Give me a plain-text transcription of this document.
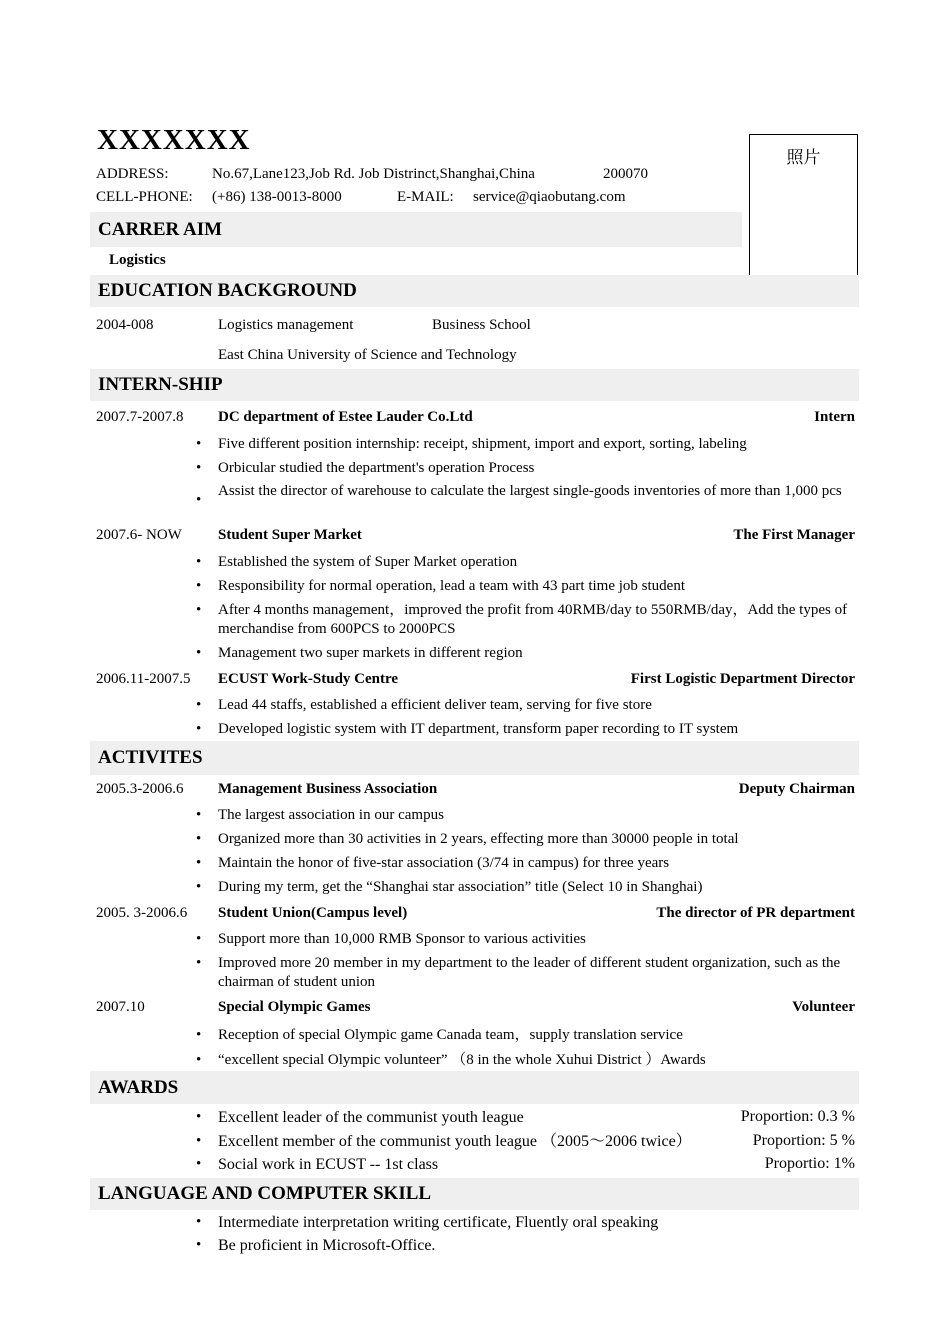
XXXXXXX
ADDRESS:	No.67,Lane123,Job Rd. Job Distrinct,Shanghai,China	200070
CELL-PHONE: (+86) 138-0013-8000	E-MAIL: service@qiaobutang.com
照片
CARRER AIM
Logistics
EDUCATION BACKGROUND
2004-008	Logistics management	Business School
East China University of Science and Technology
INTERN-SHIP
2007.7-2007.8 DC department of Estee Lauder Co.Ltd	Intern
• Five different position internship: receipt, shipment, import and export, sorting, labeling
• Orbicular studied the department's operation Process
• Assist the director of warehouse to calculate the largest single-goods inventories of more than 1,000 pcs
2007.6- NOW Student Super Market	The First Manager
• Established the system of Super Market operation
• Responsibility for normal operation, lead a team with 43 part time job student
• After 4 months management，improved the profit from 40RMB/day to 550RMB/day，Add the types of merchandise from 600PCS to 2000PCS
• Management two super markets in different region
2006.11-2007.5 ECUST Work-Study Centre	First Logistic Department Director
• Lead 44 staffs, established a efficient deliver team, serving for five store
• Developed logistic system with IT department, transform paper recording to IT system
ACTIVITES
2005.3-2006.6 Management Business Association	Deputy Chairman
• The largest association in our campus
• Organized more than 30 activities in 2 years, effecting more than 30000 people in total
• Maintain the honor of five-star association (3/74 in campus) for three years
• During my term, get the “Shanghai star association” title (Select 10 in Shanghai)
2005. 3-2006.6 Student Union(Campus level)	The director of PR department
• Support more than 10,000 RMB Sponsor to various activities
• Improved more 20 member in my department to the leader of different student organization, such as the chairman of student union
2007.10	Special Olympic Games	Volunteer
• Reception of special Olympic game Canada team，supply translation service
• “excellent special Olympic volunteer” （8 in the whole Xuhui District ）Awards
AWARDS
• Excellent leader of the communist youth league	Proportion: 0.3 %
• Excellent member of the communist youth league （2005～2006 twice）	Proportion: 5 %
• Social work in ECUST -- 1st class	Proportio: 1%
LANGUAGE AND COMPUTER SKILL
• Intermediate interpretation writing certificate, Fluently oral speaking
• Be proficient in Microsoft-Office.
